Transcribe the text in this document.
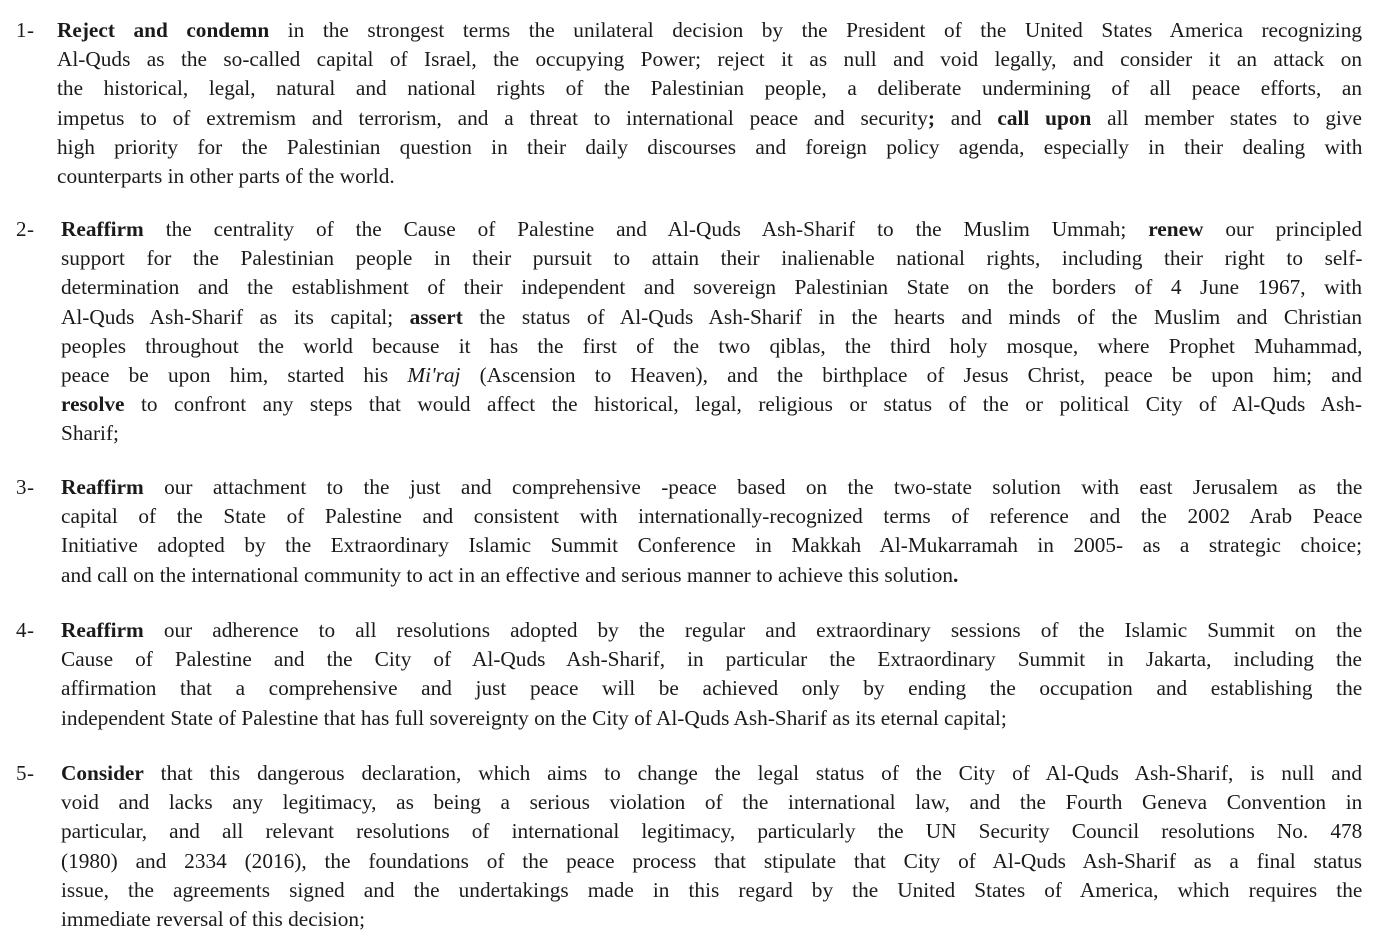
1- Reject and condemn in the strongest terms the unilateral decision by the President of the United States America recognizing
Al-Quds as the so-called capital of Israel, the occupying Power; reject it as null and void legally, and consider it an attack on
the historical, legal, natural and national rights of the Palestinian people, a deliberate undermining of all peace efforts, an
impetus to of extremism and terrorism, and a threat to international peace and security; and call upon all member states to give
high priority for the Palestinian question in their daily discourses and foreign policy agenda, especially in their dealing with
counterparts in other parts of the world.
2- Reaffirm the centrality of the Cause of Palestine and Al-Quds Ash-Sharif to the Muslim Ummah; renew our principled
support for the Palestinian people in their pursuit to attain their inalienable national rights, including their right to self-
determination and the establishment of their independent and sovereign Palestinian State on the borders of 4 June 1967, with
Al-Quds Ash-Sharif as its capital; assert the status of Al-Quds Ash-Sharif in the hearts and minds of the Muslim and Christian
peoples throughout the world because it has the first of the two qiblas, the third holy mosque, where Prophet Muhammad,
peace be upon him, started his Mi'raj (Ascension to Heaven), and the birthplace of Jesus Christ, peace be upon him; and
resolve to confront any steps that would affect the historical, legal, religious or status of the or political City of Al-Quds Ash-
Sharif;
3- Reaffirm our attachment to the just and comprehensive -peace based on the two-state solution with east Jerusalem as the
capital of the State of Palestine and consistent with internationally-recognized terms of reference and the 2002 Arab Peace
Initiative adopted by the Extraordinary Islamic Summit Conference in Makkah Al-Mukarramah in 2005- as a strategic choice;
and call on the international community to act in an effective and serious manner to achieve this solution.
4- Reaffirm our adherence to all resolutions adopted by the regular and extraordinary sessions of the Islamic Summit on the
Cause of Palestine and the City of Al-Quds Ash-Sharif, in particular the Extraordinary Summit in Jakarta, including the
affirmation that a comprehensive and just peace will be achieved only by ending the occupation and establishing the
independent State of Palestine that has full sovereignty on the City of Al-Quds Ash-Sharif as its eternal capital;
5- Consider that this dangerous declaration, which aims to change the legal status of the City of Al-Quds Ash-Sharif, is null and
void and lacks any legitimacy, as being a serious violation of the international law, and the Fourth Geneva Convention in
particular, and all relevant resolutions of international legitimacy, particularly the UN Security Council resolutions No. 478
(1980) and 2334 (2016), the foundations of the peace process that stipulate that City of Al-Quds Ash-Sharif as a final status
issue, the agreements signed and the undertakings made in this regard by the United States of America, which requires the
immediate reversal of this decision;
